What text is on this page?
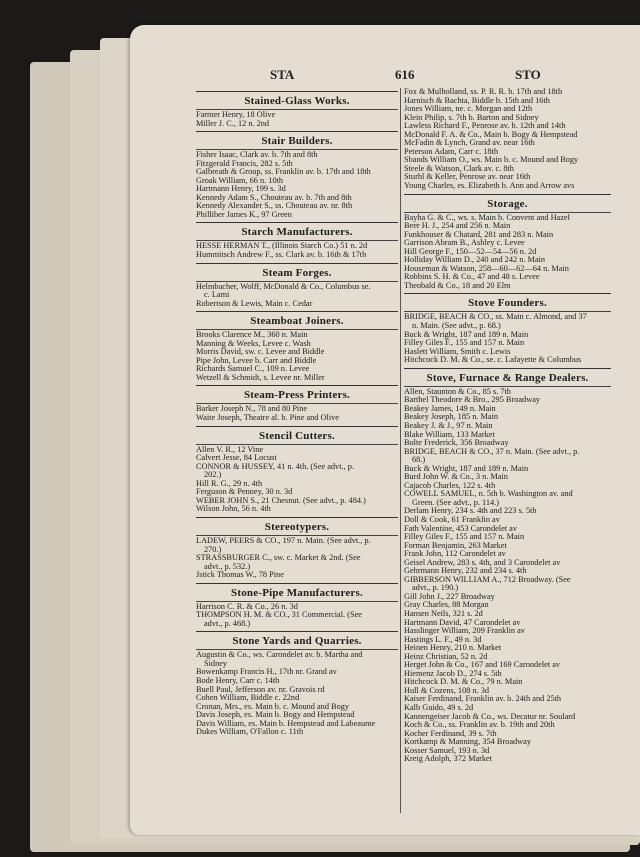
STA	616	STO
Stained-Glass Works.
Farmer Henry, 18 Olive
Miller J. C., 12 n. 2nd
Stair Builders.
Fisher Isaac, Clark av. b. 7th and 8th
Fitzgerald Francis, 282 s. 5th
Galbreath & Group, ss. Franklin av. b. 17th and 18th
Groak William, 66 n. 10th
Hartmann Henry, 199 s. 3d
Kennedy Adam S., Chouteau av. b. 7th and 8th
Kennedy Alexander S., ss. Chouteau av. nr. 8th
Philliber James K., 97 Green
Starch Manufacturers.
HESSE HERMAN T., (Illinois Starch Co.) 51 n. 2d
Hummitsch Andrew F., ss. Clark av. b. 16th & 17th
Steam Forges.
Helmbacher, Wolff, McDonald & Co., Columbus se.
c. Lami
Robertson & Lewis, Main c. Cedar
Steamboat Joiners.
Brooks Clarence M., 360 n. Main
Manning & Weeks, Levee c. Wash
Morris David, sw. c. Levee and Biddle
Pipe John, Levee b. Carr and Biddle
Richards Samuel C., 109 n. Levee
Wetzell & Schmidt, s. Levee nr. Miller
Steam-Press Printers.
Barker Joseph N., 78 and 80 Pine
Waite Joseph, Theatre al. b. Pine and Olive
Stencil Cutters.
Allen V. R., 12 Vine
Calvert Jesse, 84 Locust
CONNOR & HUSSEY, 41 n. 4th. (See advt., p.
202.)
Hill R. G., 29 n. 4th
Ferguson & Penney, 30 n. 3d
WEBER JOHN S., 21 Chesnut. (See advt., p. 484.)
Wilson John, 56 n. 4th
Stereotypers.
LADEW, PEERS & CO., 197 n. Main. (See advt., p.
270.)
STRASSBURGER C., sw. c. Market & 2nd. (See
advt., p. 532.)
Jstick Thomas W., 78 Pine
Stone-Pipe Manufacturers.
Harrison C. R. & Co., 26 n. 3d
THOMPSON H. M. & CO., 31 Commercial. (See
advt., p. 468.)
Stone Yards and Quarries.
Augustin & Co., ws. Carondelet av. b. Martha and
Sidney
Bowenkamp Francis H., 17th nr. Grand av
Bode Henry, Carr c. 14th
Buell Paul, Jefferson av. nr. Gravois rd
Cohen William, Biddle c. 22nd
Cronan, Mrs., es. Main b. c. Mound and Bogy
Davis Joseph, es. Main b. Bogy and Hempstead
Davis William, es. Main b. Hempstead and Labeaume
Dukes William, O'Fallon c. 11th
Fox & Mulholland, ss. P. R. R. b. 17th and 18th
Harnisch & Bachta, Biddle b. 15th and 16th
Jones William, ne. c. Morgan and 12th
Klein Philip, s. 7th b. Barton and Sidney
Lawless Richard F., Penrose av. b. 12th and 14th
McDonald F. A. & Co., Main b. Bogy & Hempstead
McFadin & Lynch, Grand av. near 16th
Peterson Adam, Carr c. 18th
Sbands William O., ws. Main b. c. Mound and Bogy
Steele & Watson, Clark av. c. 8th
Sturhl & Keller, Penrose av. near 16th
Young Charles, es. Elizabeth b. Ann and Arrow avs
Storage.
Bayha G. & C., ws. s. Main b. Convent and Hazel
Beer H. J., 254 and 256 n. Main
Funkhouser & Chatard, 281 and 283 n. Main
Garrison Abram B., Ashley c. Levee
Hill George F., 150—52—54—56 n. 2d
Holliday William D., 240 and 242 n. Main
Houseman & Watson, 258—60—62—64 n. Main
Robbins S. H. & Co., 47 and 48 s. Levee
Theobald & Co., 18 and 20 Elm
Stove Founders.
BRIDGE, BEACH & CO., ss. Main c. Almond, and 37
n. Main. (See advt., p. 68.)
Buck & Wright, 187 and 189 n. Main
Filley Giles F., 155 and 157 n. Main
Haslett William, Smith c. Lewis
Hitchcock D. M. & Co., se. c. Lafayette & Columbus
Stove, Furnace & Range Dealers.
Allen, Staunton & Co., 85 s. 7th
Barthel Theodore & Bro., 295 Broadway
Beakey James, 149 n. Main
Beakey Joseph, 185 n. Main
Beakey J. & J., 97 n. Main
Blake William, 133 Market
Bolte Frederick, 356 Broadway
BRIDGE, BEACH & CO., 37 n. Main. (See advt., p.
68.)
Buck & Wright, 187 and 189 n. Main
Burd John W. & Co., 3 n. Main
Cajacob Charles, 122 s. 4th
COWELL SAMUEL, n. 5th b. Washington av. and
Green. (See advt., p. 114.)
Derlam Henry, 234 s. 4th and 223 s. 5th
Doll & Cook, 61 Franklin av
Fath Valentine, 453 Carondelet av
Filley Giles F., 155 and 157 n. Main
Forman Benjamin, 263 Market
Frank John, 112 Carondelet av
Geisel Andrew, 283 s. 4th, and 3 Carondelet av
Gehrmann Henry, 232 and 234 s. 4th
GIBBERSON WILLIAM A., 712 Broadway. (See
advt., p. 190.)
Gill John J., 227 Broadway
Gray Charles, 88 Morgan
Hansen Neils, 321 s. 2d
Hartmann David, 47 Carondelet av
Hasslinger William, 209 Franklin av
Hastings L. F., 49 n. 3d
Heinen Henry, 210 n. Market
Heinz Christian, 52 n. 2d
Herget John & Co., 167 and 169 Carondelet av
Hiemenz Jacob D., 274 s. 5th
Hitchcock D. M. & Co., 79 n. Main
Hull & Cozens, 108 n. 3d
Kaiser Ferdinand, Franklin av. b. 24th and 25th
Kalb Guido, 49 s. 2d
Kannengeiser Jacob & Co., ws. Decatur nr. Soulard
Koch & Co., ss. Franklin av. b. 19th and 20th
Kocher Ferdinand, 39 s. 7th
Kortkamp & Manning, 354 Broadway
Kosser Samuel, 193 n. 3d
Kreig Adolph, 372 Market
